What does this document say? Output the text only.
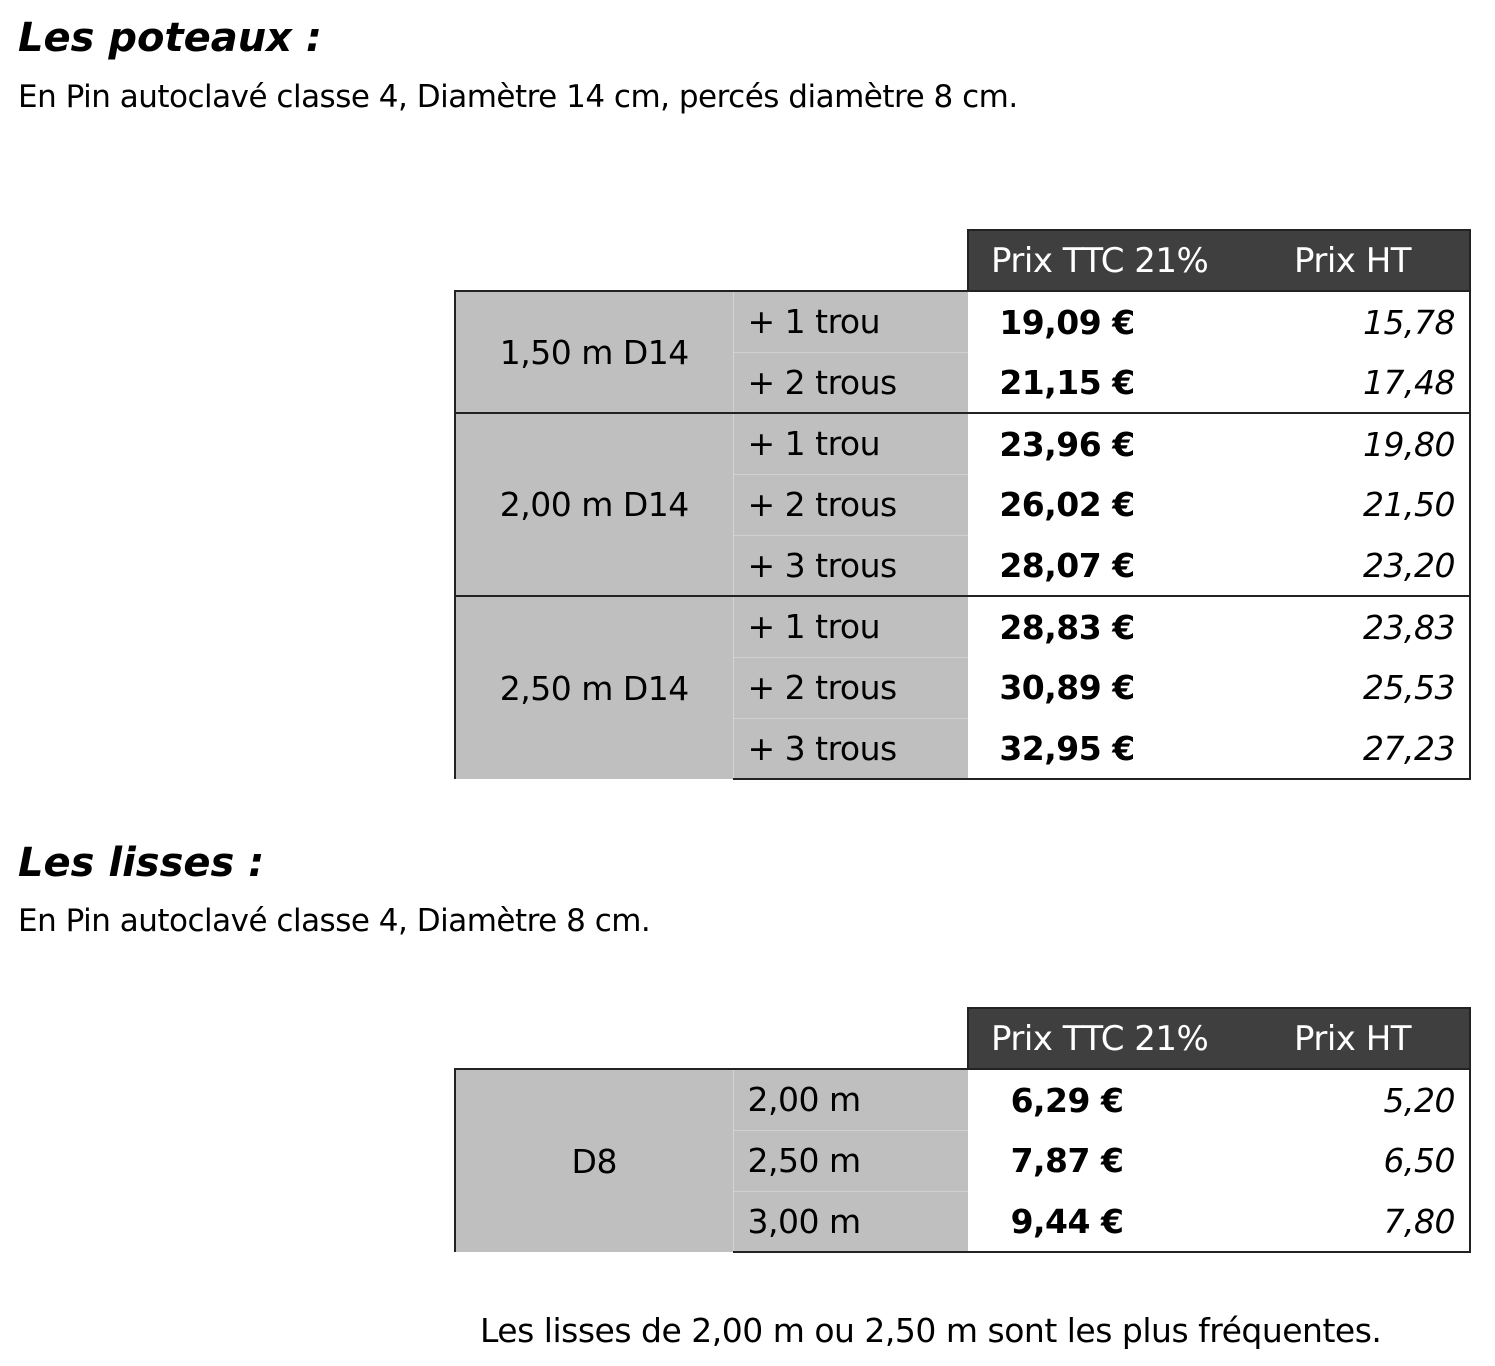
Les poteaux :
En Pin autoclavé classe 4, Diamètre 14 cm, percés diamètre 8 cm.
		Prix TTC 21%	Prix HT
1,50 m D14	+ 1 trou	19,09 €	15,78
	+ 2 trous	21,15 €	17,48
2,00 m D14	+ 1 trou	23,96 €	19,80
	+ 2 trous	26,02 €	21,50
	+ 3 trous	28,07 €	23,20
2,50 m D14	+ 1 trou	28,83 €	23,83
	+ 2 trous	30,89 €	25,53
	+ 3 trous	32,95 €	27,23
Les lisses :
En Pin autoclavé classe 4, Diamètre 8 cm.
		Prix TTC 21%	Prix HT
D8	2,00 m	6,29 €	5,20
	2,50 m	7,87 €	6,50
	3,00 m	9,44 €	7,80
Les lisses de 2,00 m ou 2,50 m sont les plus fréquentes.
